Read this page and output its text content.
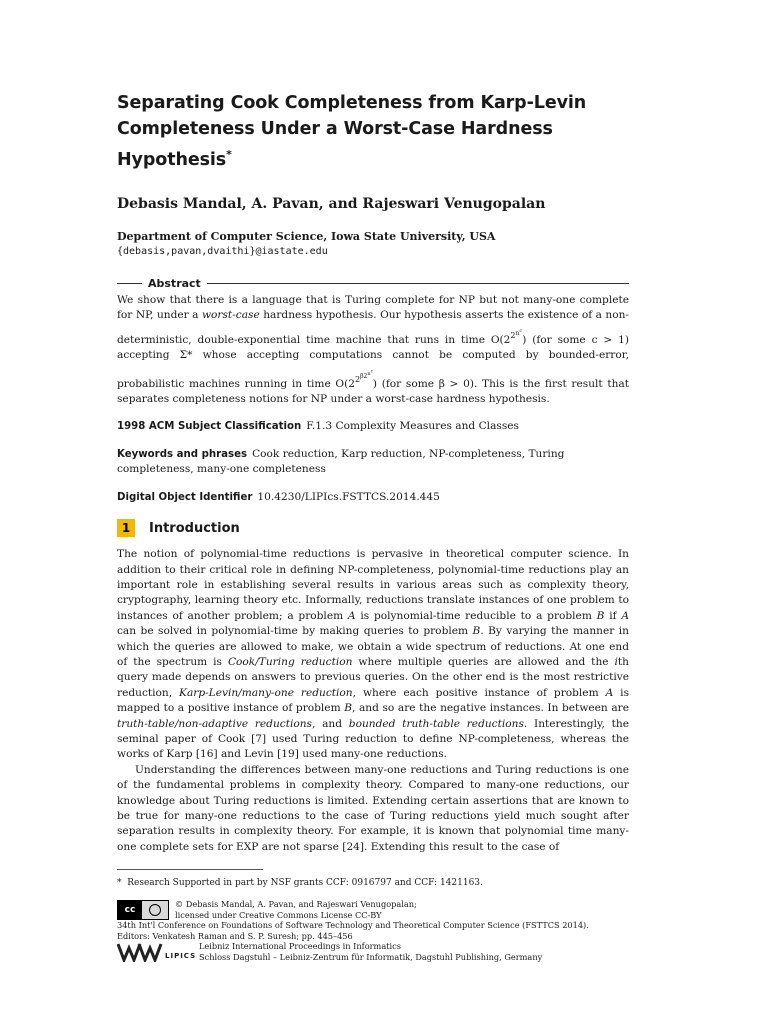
Separating Cook Completeness from Karp-Levin Completeness Under a Worst-Case Hardness Hypothesis*
Debasis Mandal, A. Pavan, and Rajeswari Venugopalan
Department of Computer Science, Iowa State University, USA
{debasis,pavan,dvaithi}@iastate.edu
Abstract

We show that there is a language that is Turing complete for NP but not many-one complete for NP, under a worst-case hardness hypothesis. Our hypothesis asserts the existence of a non-deterministic, double-exponential time machine that runs in time $O(2^{2^{n^c}})$ (for some c > 1) accepting Σ* whose accepting computations cannot be computed by bounded-error, probabilistic machines running in time $O(2^{2^{\beta 2^{n^c}}})$ (for some β > 0). This is the first result that separates completeness notions for NP under a worst-case hardness hypothesis.

1998 ACM Subject Classification F.1.3 Complexity Measures and Classes
Keywords and phrases Cook reduction, Karp reduction, NP-completeness, Turing completeness, many-one completeness
Digital Object Identifier 10.4230/LIPIcs.FSTTCS.2014.445
1	Introduction

The notion of polynomial-time reductions is pervasive in theoretical computer science. In addition to their critical role in defining NP-completeness, polynomial-time reductions play an important role in establishing several results in various areas such as complexity theory, cryptography, learning theory etc. Informally, reductions translate instances of one problem to instances of another problem; a problem A is polynomial-time reducible to a problem B if A can be solved in polynomial-time by making queries to problem B. By varying the manner in which the queries are allowed to make, we obtain a wide spectrum of reductions. At one end of the spectrum is Cook/Turing reduction where multiple queries are allowed and the ith query made depends on answers to previous queries. On the other end is the most restrictive reduction, Karp-Levin/many-one reduction, where each positive instance of problem A is mapped to a positive instance of problem B, and so are the negative instances. In between are truth-table/non-adaptive reductions, and bounded truth-table reductions. Interestingly, the seminal paper of Cook [7] used Turing reduction to define NP-completeness, whereas the works of Karp [16] and Levin [19] used many-one reductions.

Understanding the differences between many-one reductions and Turing reductions is one of the fundamental problems in complexity theory. Compared to many-one reductions, our knowledge about Turing reductions is limited. Extending certain assertions that are known to be true for many-one reductions to the case of Turing reductions yield much sought after separation results in complexity theory. For example, it is known that polynomial time many-one complete sets for EXP are not sparse [24]. Extending this result to the case of

* Research Supported in part by NSF grants CCF: 0916797 and CCF: 1421163.
cc
© Debasis Mandal, A. Pavan, and Rajeswari Venugopalan;
licensed under Creative Commons License CC-BY
34th Int'l Conference on Foundations of Software Technology and Theoretical Computer Science (FSTTCS 2014).
Editors: Venkatesh Raman and S. P. Suresh; pp. 445–456
LIPICS
Leibniz International Proceedings in Informatics
Schloss Dagstuhl – Leibniz-Zentrum für Informatik, Dagstuhl Publishing, Germany
